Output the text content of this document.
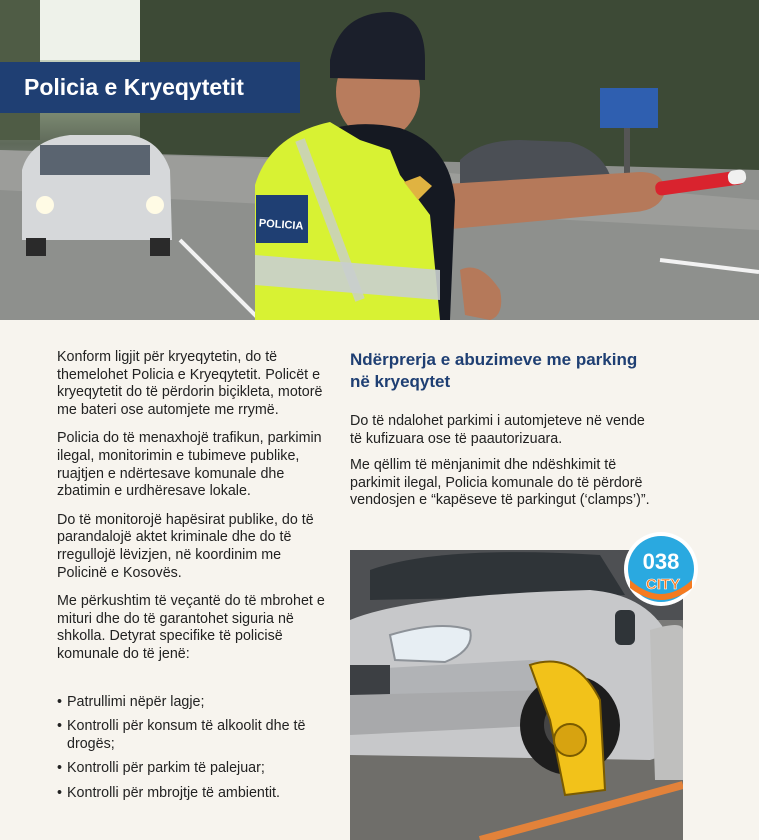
POLICIA
Policia e Kryeqytetit

Konform ligjit për kryeqytetin, do të themelohet Policia e Kryeqytetit. Policët e kryeqytetit do të përdorin biçikleta, motorë me bateri ose automjete me rrymë.

Policia do të menaxhojë trafikun, parkimin ilegal, monitorimin e tubimeve publike, ruajtjen e ndërtesave komunale dhe zbatimin e urdhëresave lokale.

Do të monitorojë hapësirat publike, do të parandalojë aktet kriminale dhe do të rregullojë lëvizjen, në koordinim me Policinë e Kosovës.

Me përkushtim të veçantë do të mbrohet e mituri dhe do të garantohet siguria në shkolla. Detyrat specifike të policisë komunale do të jenë:

• Patrullimi nëpër lagje;
• Kontrolli për konsum të alkoolit dhe të drogës;
• Kontrolli për parkim të palejuar;
• Kontrolli për mbrojtje të ambientit.
Ndërprerja e abuzimeve me parking në kryeqytet

Do të ndalohet parkimi i automjeteve në vende të kufizuara ose të paautorizuara.

Me qëllim të mënjanimit dhe ndëshkimit të parkimit ilegal, Policia komunale do të përdorë vendosjen e “kapëseve të parkingut (‘clamps’)”.

038
CITY
